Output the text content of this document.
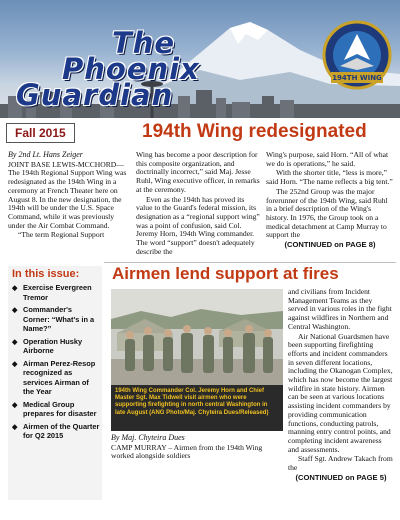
The
Phoenix
Guardian	194TH WING
Fall 2015	194th Wing redesignated

By 2nd Lt. Hans Zeiger

JOINT BASE LEWIS-MCCHORD—The 194th Regional Support Wing was redesignated as the 194th Wing in a ceremony at French Theater here on August 8. In the new designation, the 194th will be under the U.S. Space Command, while it was previously under the Air Combat Command.

“The term Regional Support

Wing has become a poor description for this composite organization, and doctrinally incorrect,” said Maj. Jesse Ruhl, Wing executive officer, in remarks at the ceremony.

Even as the 194th has proved its value to the Guard's federal mission, its designation as a “regional support wing” was a point of confusion, said Col. Jeremy Horn, 194th Wing commander. The word “support” doesn't adequately describe the

Wing's purpose, said Horn. “All of what we do is operations,” he said.

With the shorter title, “less is more,” said Horn. “The name reflects a big tent.”

The 252nd Group was the major forerunner of the 194th Wing, said Ruhl in a brief description of the Wing's history. In 1976, the Group took on a medical detachment at Camp Murray to support the

(CONTINUED on PAGE 8)

In this issue:
◆ Exercise Evergreen Tremor
◆ Commander's Corner: “What's in a Name?”
◆ Operation Husky Airborne
◆ Airman Perez-Resop recognized as services Airman of the Year
◆ Medical Group prepares for disaster
◆ Airmen of the Quarter for Q2 2015
Airmen lend support at fires
194th Wing Commander Col. Jeremy Horn and Chief Master Sgt. Max Tidwell visit airmen who were supporting firefighting in north central Washington in late August (ANG Photo/Maj. Chyteira Dues/Released)

By Maj. Chyteira Dues

CAMP MURRAY – Airmen from the 194th Wing worked alongside soldiers

and civilians from Incident Management Teams as they served in various roles in the fight against wildfires in Northern and Central Washington.

Air National Guardsmen have been supporting firefighting efforts and incident commanders in seven different locations, including the Okanogan Complex, which has now become the largest wildfire in state history. Airmen can be seen at various locations assisting incident commanders by providing communication functions, conducting patrols, manning entry control points, and completing incident awareness and assessments.

Staff Sgt. Andrew Takach from the

(CONTINUED on PAGE 5)
